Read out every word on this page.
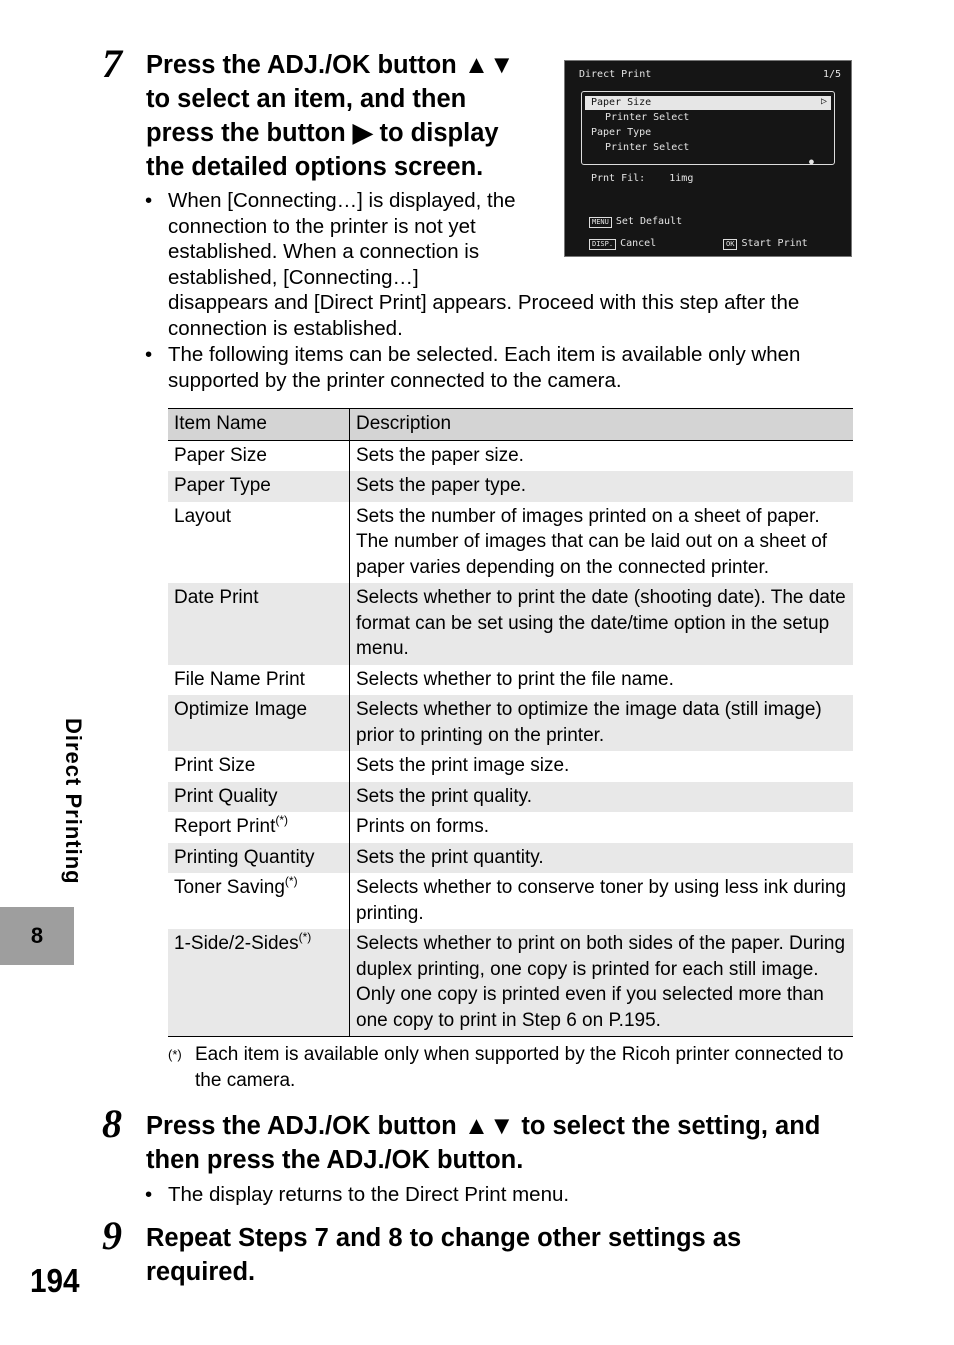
Direct Printing
8
194
7 Press the ADJ./OK button ▲▼
to select an item, and then
press the button ▶ to display
the detailed options screen.
• When [Connecting…] is displayed, the
connection to the printer is not yet
established. When a connection is
established, [Connecting…]
disappears and [Direct Print] appears. Proceed with this step after the
connection is established.
• The following items can be selected. Each item is available only when
supported by the printer connected to the camera.
Direct Print	1/5
Paper Size	▷
Printer Select
Paper Type
Printer Select
●
Prnt Fil:    1img
MENU Set Default
DISP. Cancel	OK Start Print
Item Name	Description
Paper Size	Sets the paper size.
Paper Type	Sets the paper type.
Layout	Sets the number of images printed on a sheet of paper. The number of images that can be laid out on a sheet of paper varies depending on the connected printer.
Date Print	Selects whether to print the date (shooting date). The date format can be set using the date/time option in the setup menu.
File Name Print	Selects whether to print the file name.
Optimize Image	Selects whether to optimize the image data (still image) prior to printing on the printer.
Print Size	Sets the print image size.
Print Quality	Sets the print quality.
Report Print(*)	Prints on forms.
Printing Quantity	Sets the print quantity.
Toner Saving(*)	Selects whether to conserve toner by using less ink during printing.
1-Side/2-Sides(*)	Selects whether to print on both sides of the paper. During duplex printing, one copy is printed for each still image. Only one copy is printed even if you selected more than one copy to print in Step 6 on P.195.
(*) Each item is available only when supported by the Ricoh printer connected to the camera.
8 Press the ADJ./OK button ▲▼ to select the setting, and
then press the ADJ./OK button.
• The display returns to the Direct Print menu.
9 Repeat Steps 7 and 8 to change other settings as
required.
